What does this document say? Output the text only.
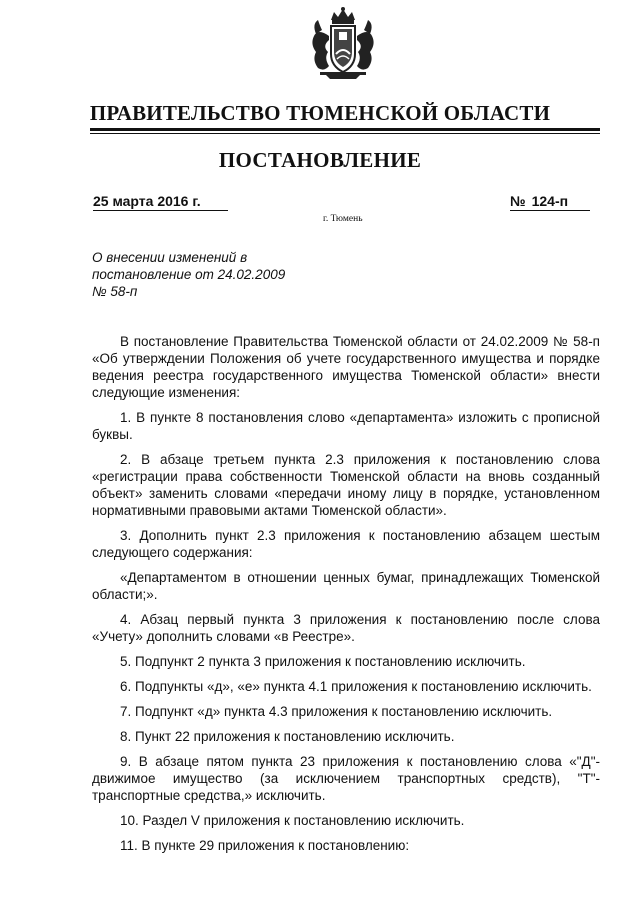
ПРАВИТЕЛЬСТВО ТЮМЕНСКОЙ ОБЛАСТИ
ПОСТАНОВЛЕНИЕ
25 марта 2016 г.	№ 124-п
г. Тюмень
О внесении изменений в
постановление от 24.02.2009
№ 58-п

В постановление Правительства Тюменской области от 24.02.2009 № 58-п «Об утверждении Положения об учете государственного имущества и порядке ведения реестра государственного имущества Тюменской области» внести следующие изменения:

1. В пункте 8 постановления слово «департамента» изложить с прописной буквы.

2. В абзаце третьем пункта 2.3 приложения к постановлению слова «регистрации права собственности Тюменской области на вновь созданный объект» заменить словами «передачи иному лицу в порядке, установленном нормативными правовыми актами Тюменской области».

3. Дополнить пункт 2.3 приложения к постановлению абзацем шестым следующего содержания:

«Департаментом в отношении ценных бумаг, принадлежащих Тюменской области;».

4. Абзац первый пункта 3 приложения к постановлению после слова «Учету» дополнить словами «в Реестре».

5. Подпункт 2 пункта 3 приложения к постановлению исключить.

6. Подпункты «д», «е» пункта 4.1 приложения к постановлению исключить.

7. Подпункт «д» пункта 4.3 приложения к постановлению исключить.

8. Пункт 22 приложения к постановлению исключить.

9. В абзаце пятом пункта 23 приложения к постановлению слова «"Д"- движимое имущество (за исключением транспортных средств), "Т"- транспортные средства,» исключить.

10. Раздел V приложения к постановлению исключить.

11. В пункте 29 приложения к постановлению:
